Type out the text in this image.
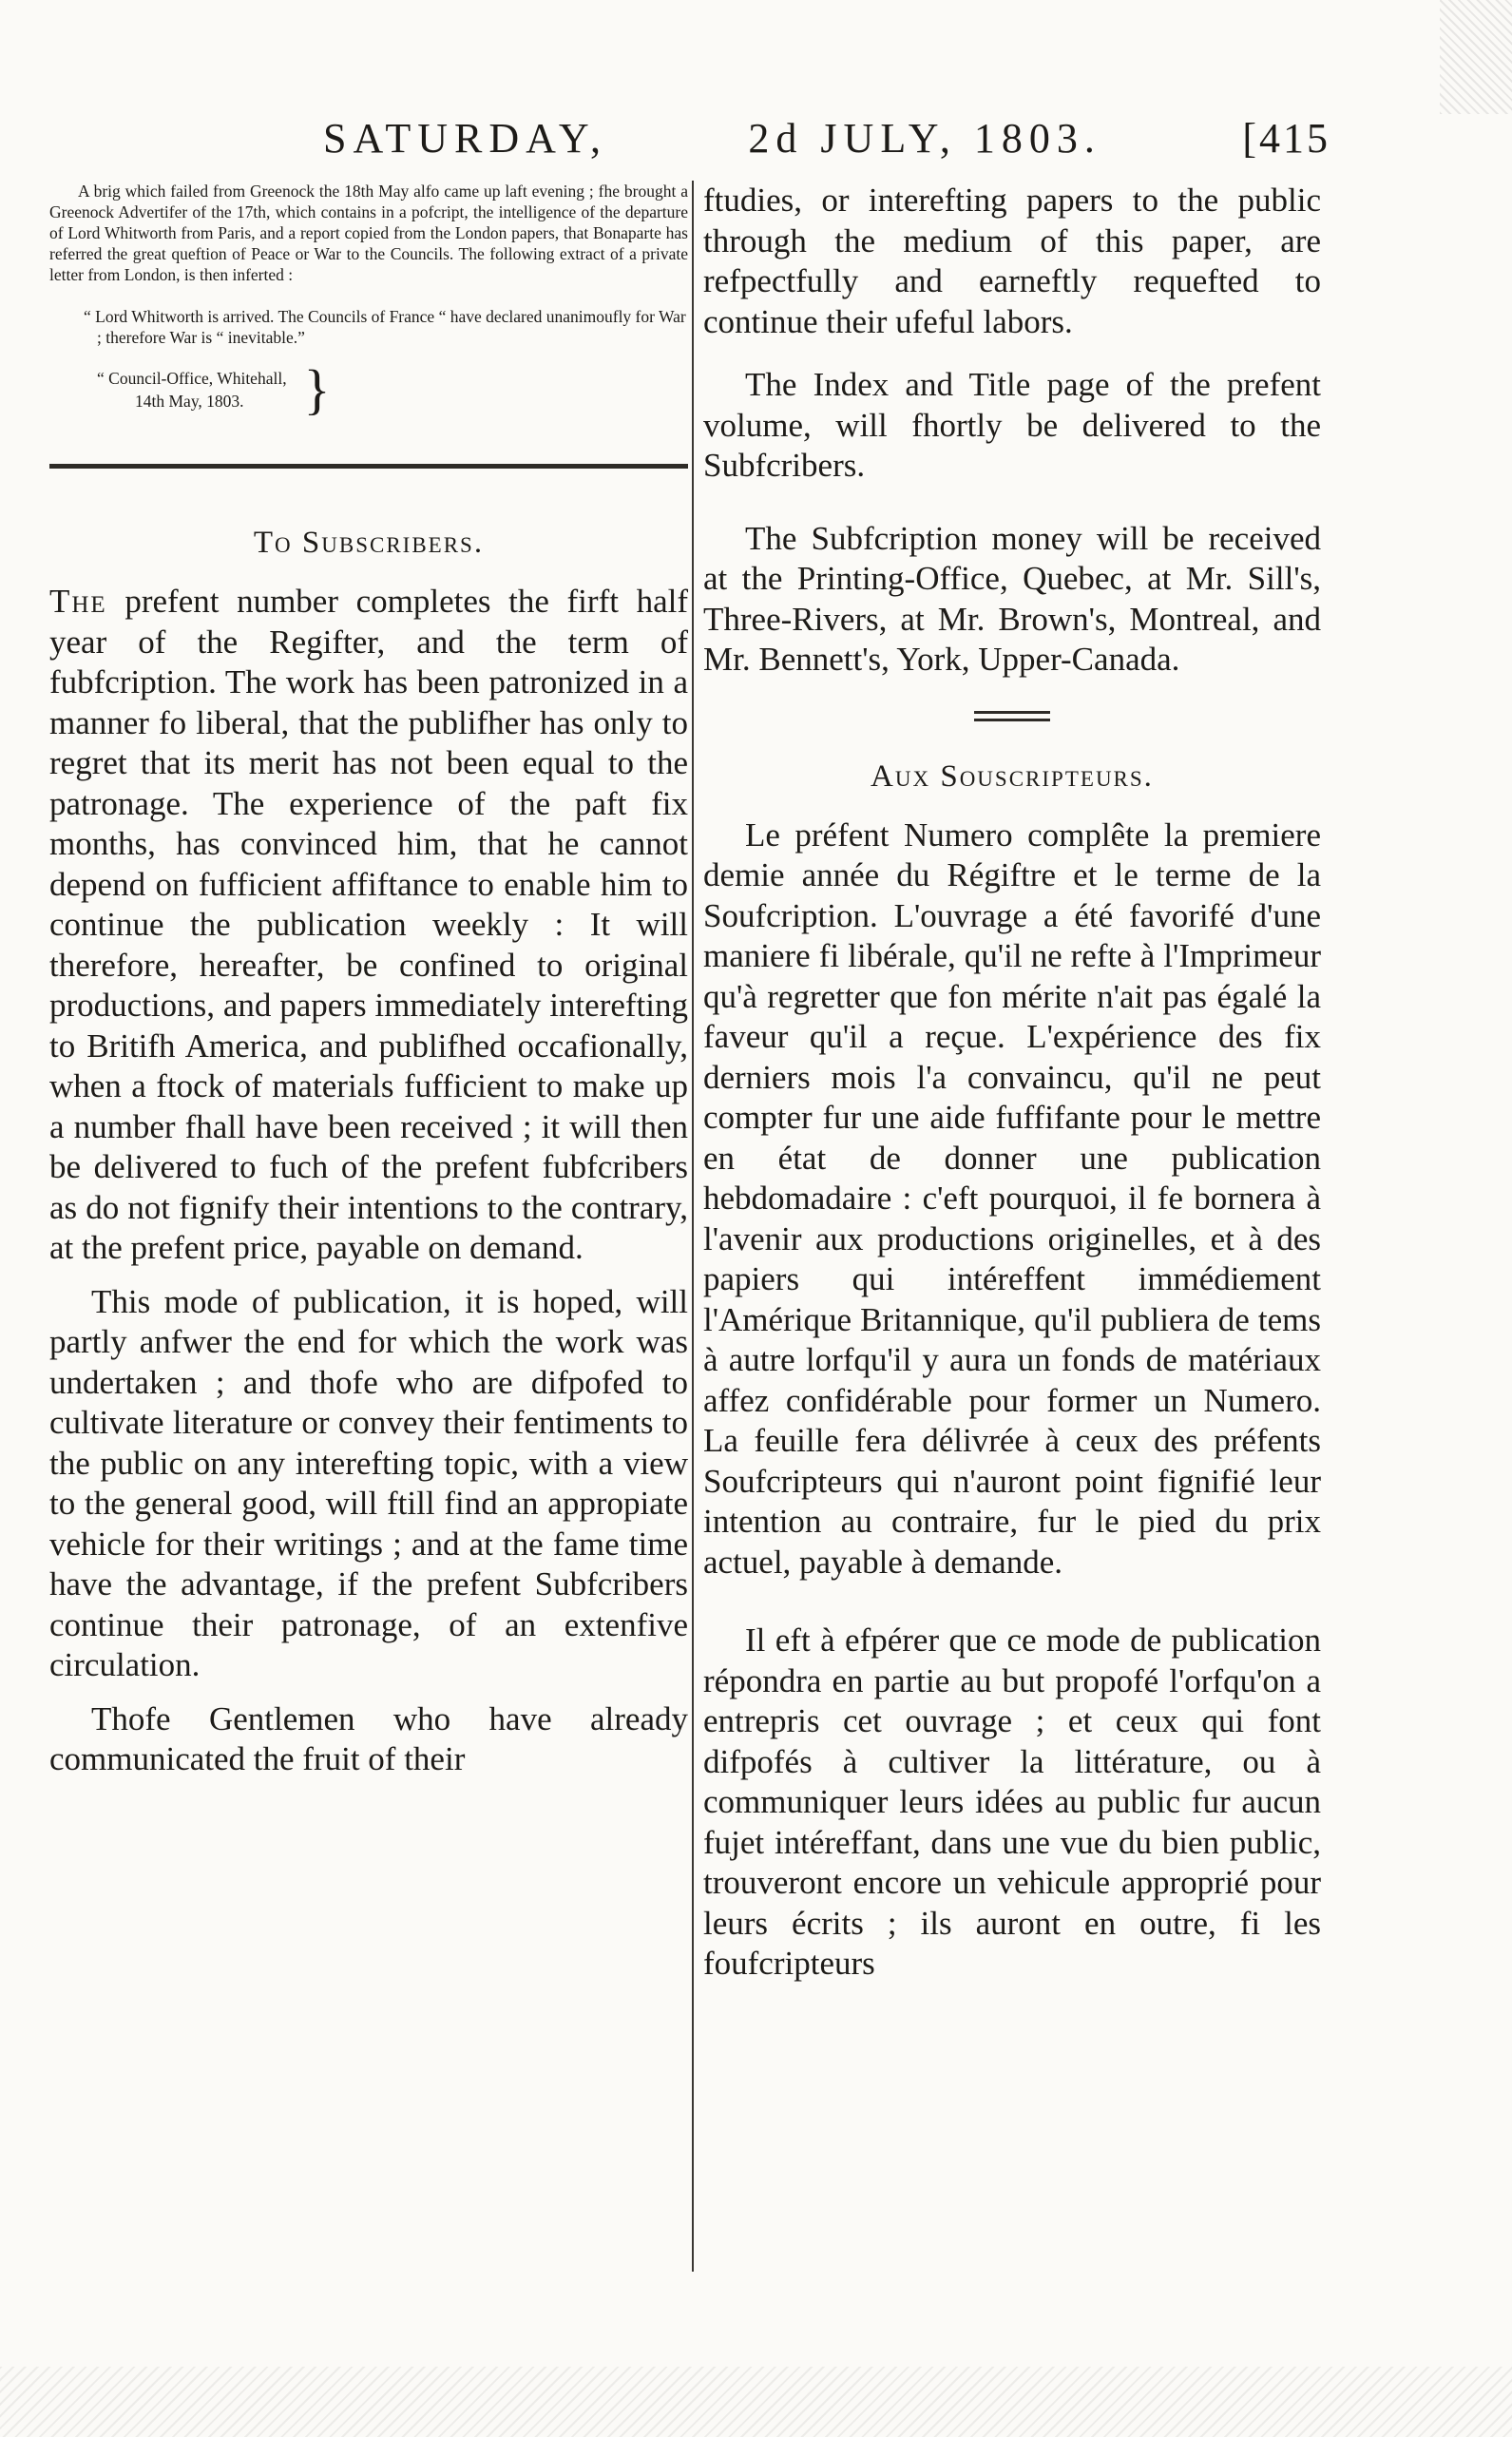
SATURDAY,	2d JULY, 1803.	[415

A brig which failed from Greenock the 18th May alfo came up laft evening ; fhe brought a Greenock Advertifer of the 17th, which contains in a pofcript, the intelligence of the departure of Lord Whitworth from Paris, and a report copied from the London papers, that Bonaparte has referred the great queftion of Peace or War to the Councils. The following extract of a private letter from London, is then inferted :

“ Lord Whitworth is arrived. The Councils of France “ have declared unanimoufly for War ; therefore War is “ inevitable.”

“ Council-Office, Whitehall,
14th May, 1803.	}
To Subscribers.

The prefent number completes the firft half year of the Regifter, and the term of fubfcription. The work has been patronized in a manner fo liberal, that the publifher has only to regret that its merit has not been equal to the patronage. The experience of the paft fix months, has convinced him, that he cannot depend on fufficient affiftance to enable him to continue the publication weekly : It will therefore, hereafter, be confined to original productions, and papers immediately interefting to Britifh America, and publifhed occafionally, when a ftock of materials fufficient to make up a number fhall have been received ; it will then be delivered to fuch of the prefent fubfcribers as do not fignify their intentions to the contrary, at the prefent price, payable on demand.

This mode of publication, it is hoped, will partly anfwer the end for which the work was undertaken ; and thofe who are difpofed to cultivate literature or convey their fentiments to the public on any interefting topic, with a view to the general good, will ftill find an appropiate vehicle for their writings ; and at the fame time have the advantage, if the prefent Subfcribers continue their patronage, of an extenfive circulation.

Thofe Gentlemen who have already communicated the fruit of their

ftudies, or interefting papers to the public through the medium of this paper, are refpectfully and earneftly requefted to continue their ufeful labors.

The Index and Title page of the prefent volume, will fhortly be delivered to the Subfcribers.

The Subfcription money will be received at the Printing-Office, Quebec, at Mr. Sill's, Three-Rivers, at Mr. Brown's, Montreal, and Mr. Bennett's, York, Upper-Canada.

Aux Souscripteurs.

Le préfent Numero complête la premiere demie année du Régiftre et le terme de la Soufcription. L'ouvrage a été favorifé d'une maniere fi libérale, qu'il ne refte à l'Imprimeur qu'à regretter que fon mérite n'ait pas égalé la faveur qu'il a reçue. L'expérience des fix derniers mois l'a convaincu, qu'il ne peut compter fur une aide fuffifante pour le mettre en état de donner une publication hebdomadaire : c'eft pourquoi, il fe bornera à l'avenir aux productions originelles, et à des papiers qui intéreffent immédiement l'Amérique Britannique, qu'il publiera de tems à autre lorfqu'il y aura un fonds de matériaux affez confidérable pour former un Numero. La feuille fera délivrée à ceux des préfents Soufcripteurs qui n'auront point fignifié leur intention au contraire, fur le pied du prix actuel, payable à demande.

Il eft à efpérer que ce mode de publication répondra en partie au but propofé l'orfqu'on a entrepris cet ouvrage ; et ceux qui font difpofés à cultiver la littérature, ou à communiquer leurs idées au public fur aucun fujet intéreffant, dans une vue du bien public, trouveront encore un vehicule approprié pour leurs écrits ; ils auront en outre, fi les foufcripteurs
